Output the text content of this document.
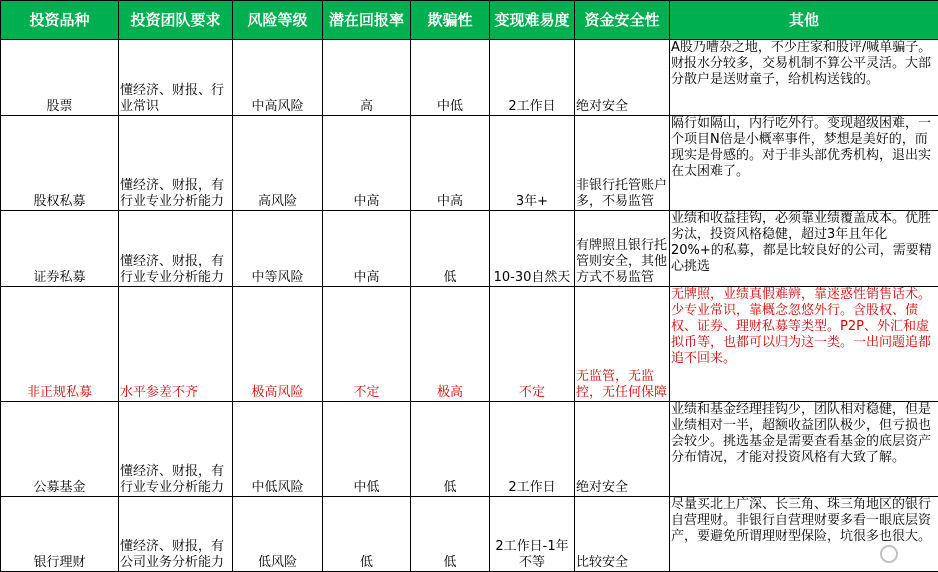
投资品种	投资团队要求	风险等级	潜在回报率	欺骗性	变现难易度	资金安全性	其他
股票	懂经济、财报、行业常识	中高风险	高	中低	2工作日	绝对安全	A股乃嘈杂之地，不少庄家和股评/喊单骗子。财报水分较多，交易机制不算公平灵活。大部分散户是送财童子，给机构送钱的。
股权私募	懂经济、财报，有行业专业分析能力	高风险	中高	中高	3年+	非银行托管账户多，不易监管	隔行如隔山，内行吃外行。变现超级困难，一个项目N倍是小概率事件，梦想是美好的，而现实是骨感的。对于非头部优秀机构，退出实在太困难了。
证券私募	懂经济、财报，有行业专业分析能力	中等风险	中高	低	10-30自然天	有牌照且银行托管则安全，其他方式不易监管	业绩和收益挂钩，必须靠业绩覆盖成本。优胜劣汰，投资风格稳健，超过3年且年化20%+的私募，都是比较良好的公司，需要精心挑选
非正规私募	水平参差不齐	极高风险	不定	极高	不定	无监管，无监控，无任何保障	无牌照，业绩真假难辨，靠迷惑性销售话术。少专业常识，靠概念忽悠外行。含股权、债权、证券、理财私募等类型。P2P、外汇和虚拟币等，也都可以归为这一类。一出问题追都追不回来。
公募基金	懂经济、财报，有行业专业分析能力	中低风险	中低	低	2工作日	绝对安全	业绩和基金经理挂钩少，团队相对稳健，但是业绩相对一半，超额收益团队极少，但亏损也会较少。挑选基金是需要查看基金的底层资产分布情况，才能对投资风格有大致了解。
银行理财	懂经济、财报，有公司业务分析能力	低风险	低	低	2工作日-1年不等	比较安全	尽量买北上广深、长三角、珠三角地区的银行自营理财。非银行自营理财要多看一眼底层资产，要避免所谓理财型保险，坑很多也很大。
